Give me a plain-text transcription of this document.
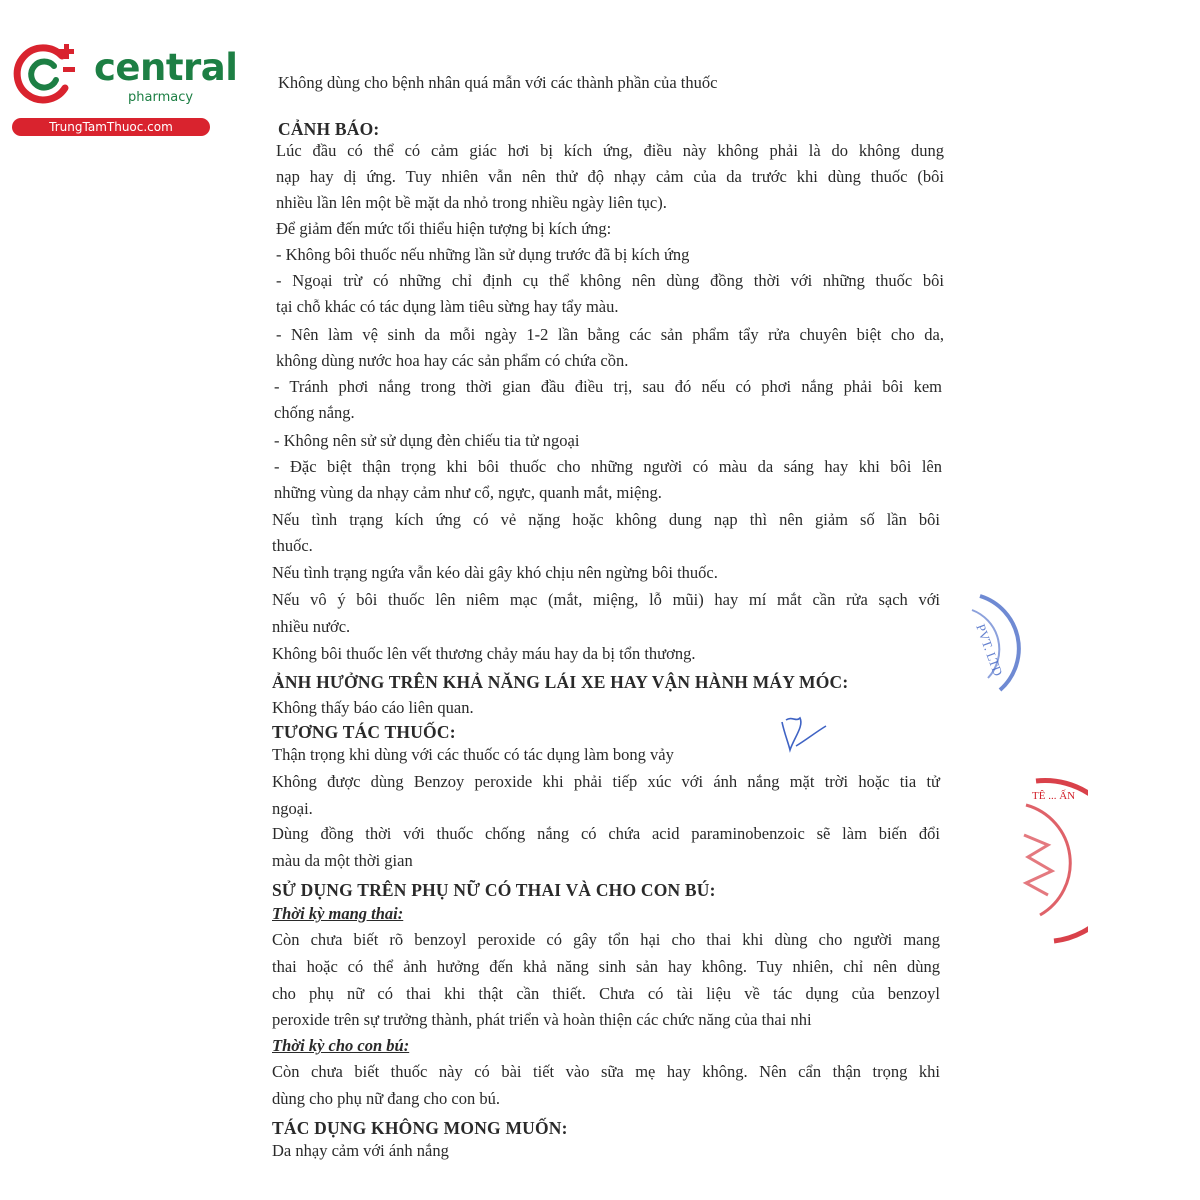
central
pharmacy
TrungTamThuoc.com
Không dùng cho bệnh nhân quá mẫn với các thành phần của thuốc
CẢNH BÁO:
Lúc đầu có thể có cảm giác hơi bị kích ứng, điều này không phải là do không dung
nạp hay dị ứng. Tuy nhiên vẫn nên thử độ nhạy cảm của da trước khi dùng thuốc (bôi
nhiều lần lên một bề mặt da nhỏ trong nhiều ngày liên tục).
Để giảm đến mức tối thiểu hiện tượng bị kích ứng:
- Không bôi thuốc nếu những lần sử dụng trước đã bị kích ứng
- Ngoại trừ có những chỉ định cụ thể không nên dùng đồng thời với những thuốc bôi
tại chỗ khác có tác dụng làm tiêu sừng hay tẩy màu.
- Nên làm vệ sinh da mỗi ngày 1-2 lần bằng các sản phẩm tẩy rửa chuyên biệt cho da,
không dùng nước hoa hay các sản phẩm có chứa cồn.
- Tránh phơi nắng trong thời gian đầu điều trị, sau đó nếu có phơi nắng phải bôi kem
chống nắng.
- Không nên sử sử dụng đèn chiếu tia tử ngoại
- Đặc biệt thận trọng khi bôi thuốc cho những người có màu da sáng hay khi bôi lên
những vùng da nhạy cảm như cổ, ngực, quanh mắt, miệng.
Nếu tình trạng kích ứng có vẻ nặng hoặc không dung nạp thì nên giảm số lần bôi
thuốc.
Nếu tình trạng ngứa vẫn kéo dài gây khó chịu nên ngừng bôi thuốc.
Nếu vô ý bôi thuốc lên niêm mạc (mắt, miệng, lỗ mũi) hay mí mắt cần rửa sạch với
nhiều nước.
Không bôi thuốc lên vết thương chảy máu hay da bị tổn thương.
ẢNH HƯỞNG TRÊN KHẢ NĂNG LÁI XE HAY VẬN HÀNH MÁY MÓC:
Không thấy báo cáo liên quan.
TƯƠNG TÁC THUỐC:
Thận trọng khi dùng với các thuốc có tác dụng làm bong vảy
Không được dùng Benzoy peroxide khi phải tiếp xúc với ánh nắng mặt trời hoặc tia tử
ngoại.
Dùng đồng thời với thuốc chống nắng có chứa acid paraminobenzoic sẽ làm biến đổi
màu da một thời gian
SỬ DỤNG TRÊN PHỤ NỮ CÓ THAI VÀ CHO CON BÚ:
Thời kỳ mang thai:
Còn chưa biết rõ benzoyl peroxide có gây tổn hại cho thai khi dùng cho người mang
thai hoặc có thể ảnh hưởng đến khả năng sinh sản hay không. Tuy nhiên, chỉ nên dùng
cho phụ nữ có thai khi thật cần thiết. Chưa có tài liệu về tác dụng của benzoyl
peroxide trên sự trưởng thành, phát triển và hoàn thiện các chức năng của thai nhi
Thời kỳ cho con bú:
Còn chưa biết thuốc này có bài tiết vào sữa mẹ hay không. Nên cẩn thận trọng khi
dùng cho phụ nữ đang cho con bú.
TÁC DỤNG KHÔNG MONG MUỐN:
Da nhạy cảm với ánh nắng
PVT. LTD
TÊ ... ẤN
